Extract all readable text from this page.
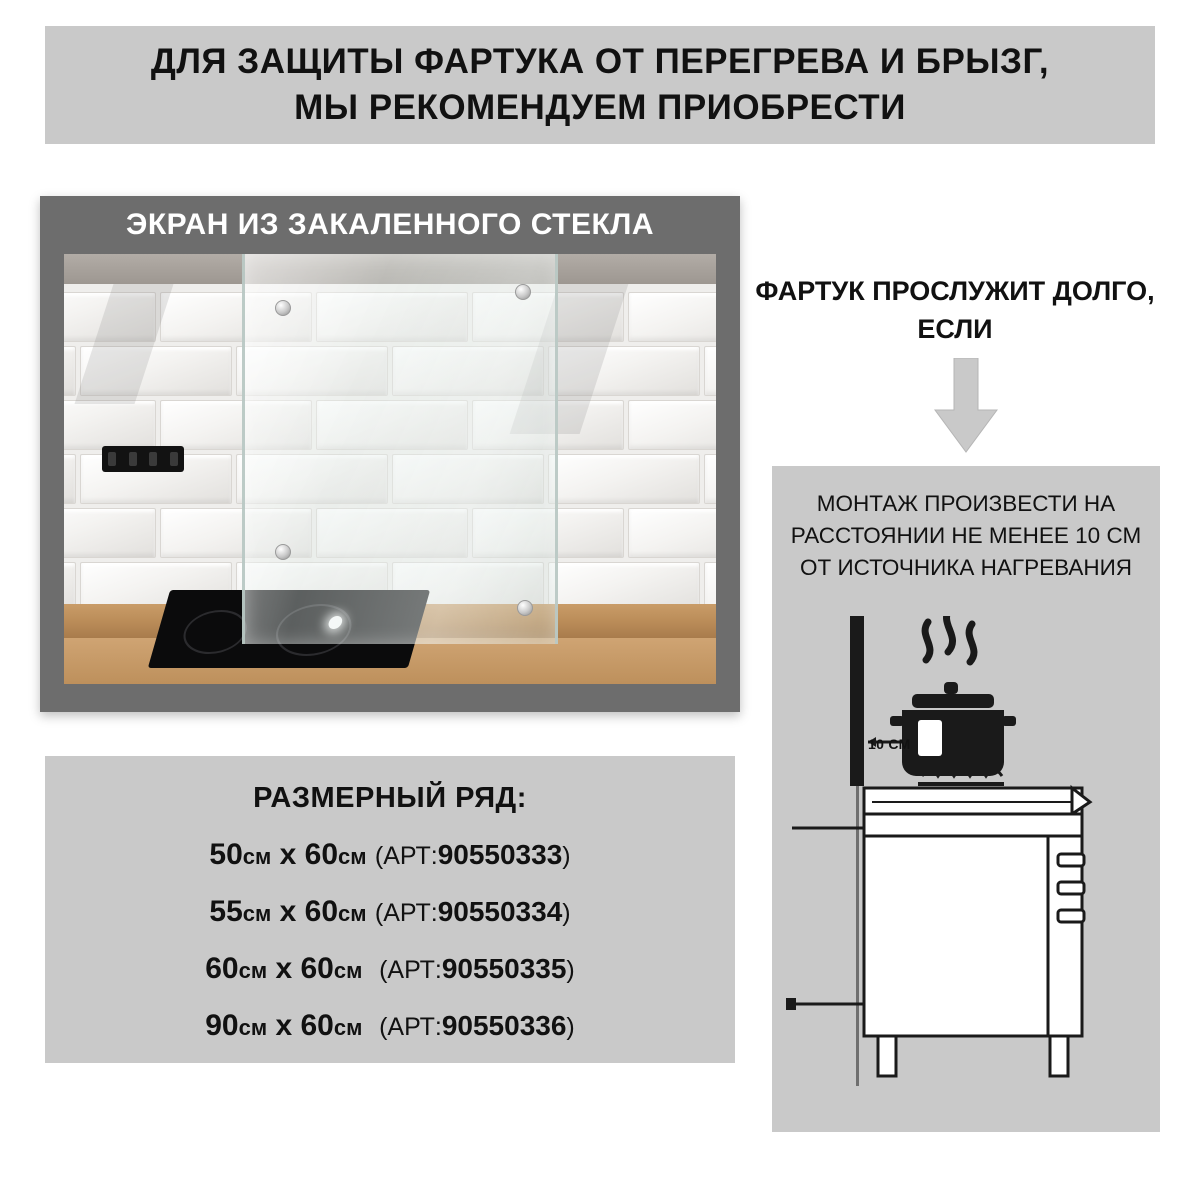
ДЛЯ ЗАЩИТЫ ФАРТУКА ОТ ПЕРЕГРЕВА И БРЫЗГ,
МЫ РЕКОМЕНДУЕМ ПРИОБРЕСТИ
ЭКРАН ИЗ ЗАКАЛЕННОГО СТЕКЛА
РАЗМЕРНЫЙ РЯД:
50см х 60см (АРТ:90550333)
55см х 60см (АРТ:90550334)
60см х 60см (АРТ:90550335)
90см х 60см (АРТ:90550336)
ФАРТУК ПРОСЛУЖИТ ДОЛГО,
ЕСЛИ
МОНТАЖ ПРОИЗВЕСТИ НА
РАССТОЯНИИ НЕ МЕНЕЕ 10 СМ
ОТ ИСТОЧНИКА НАГРЕВАНИЯ
10 СМ
